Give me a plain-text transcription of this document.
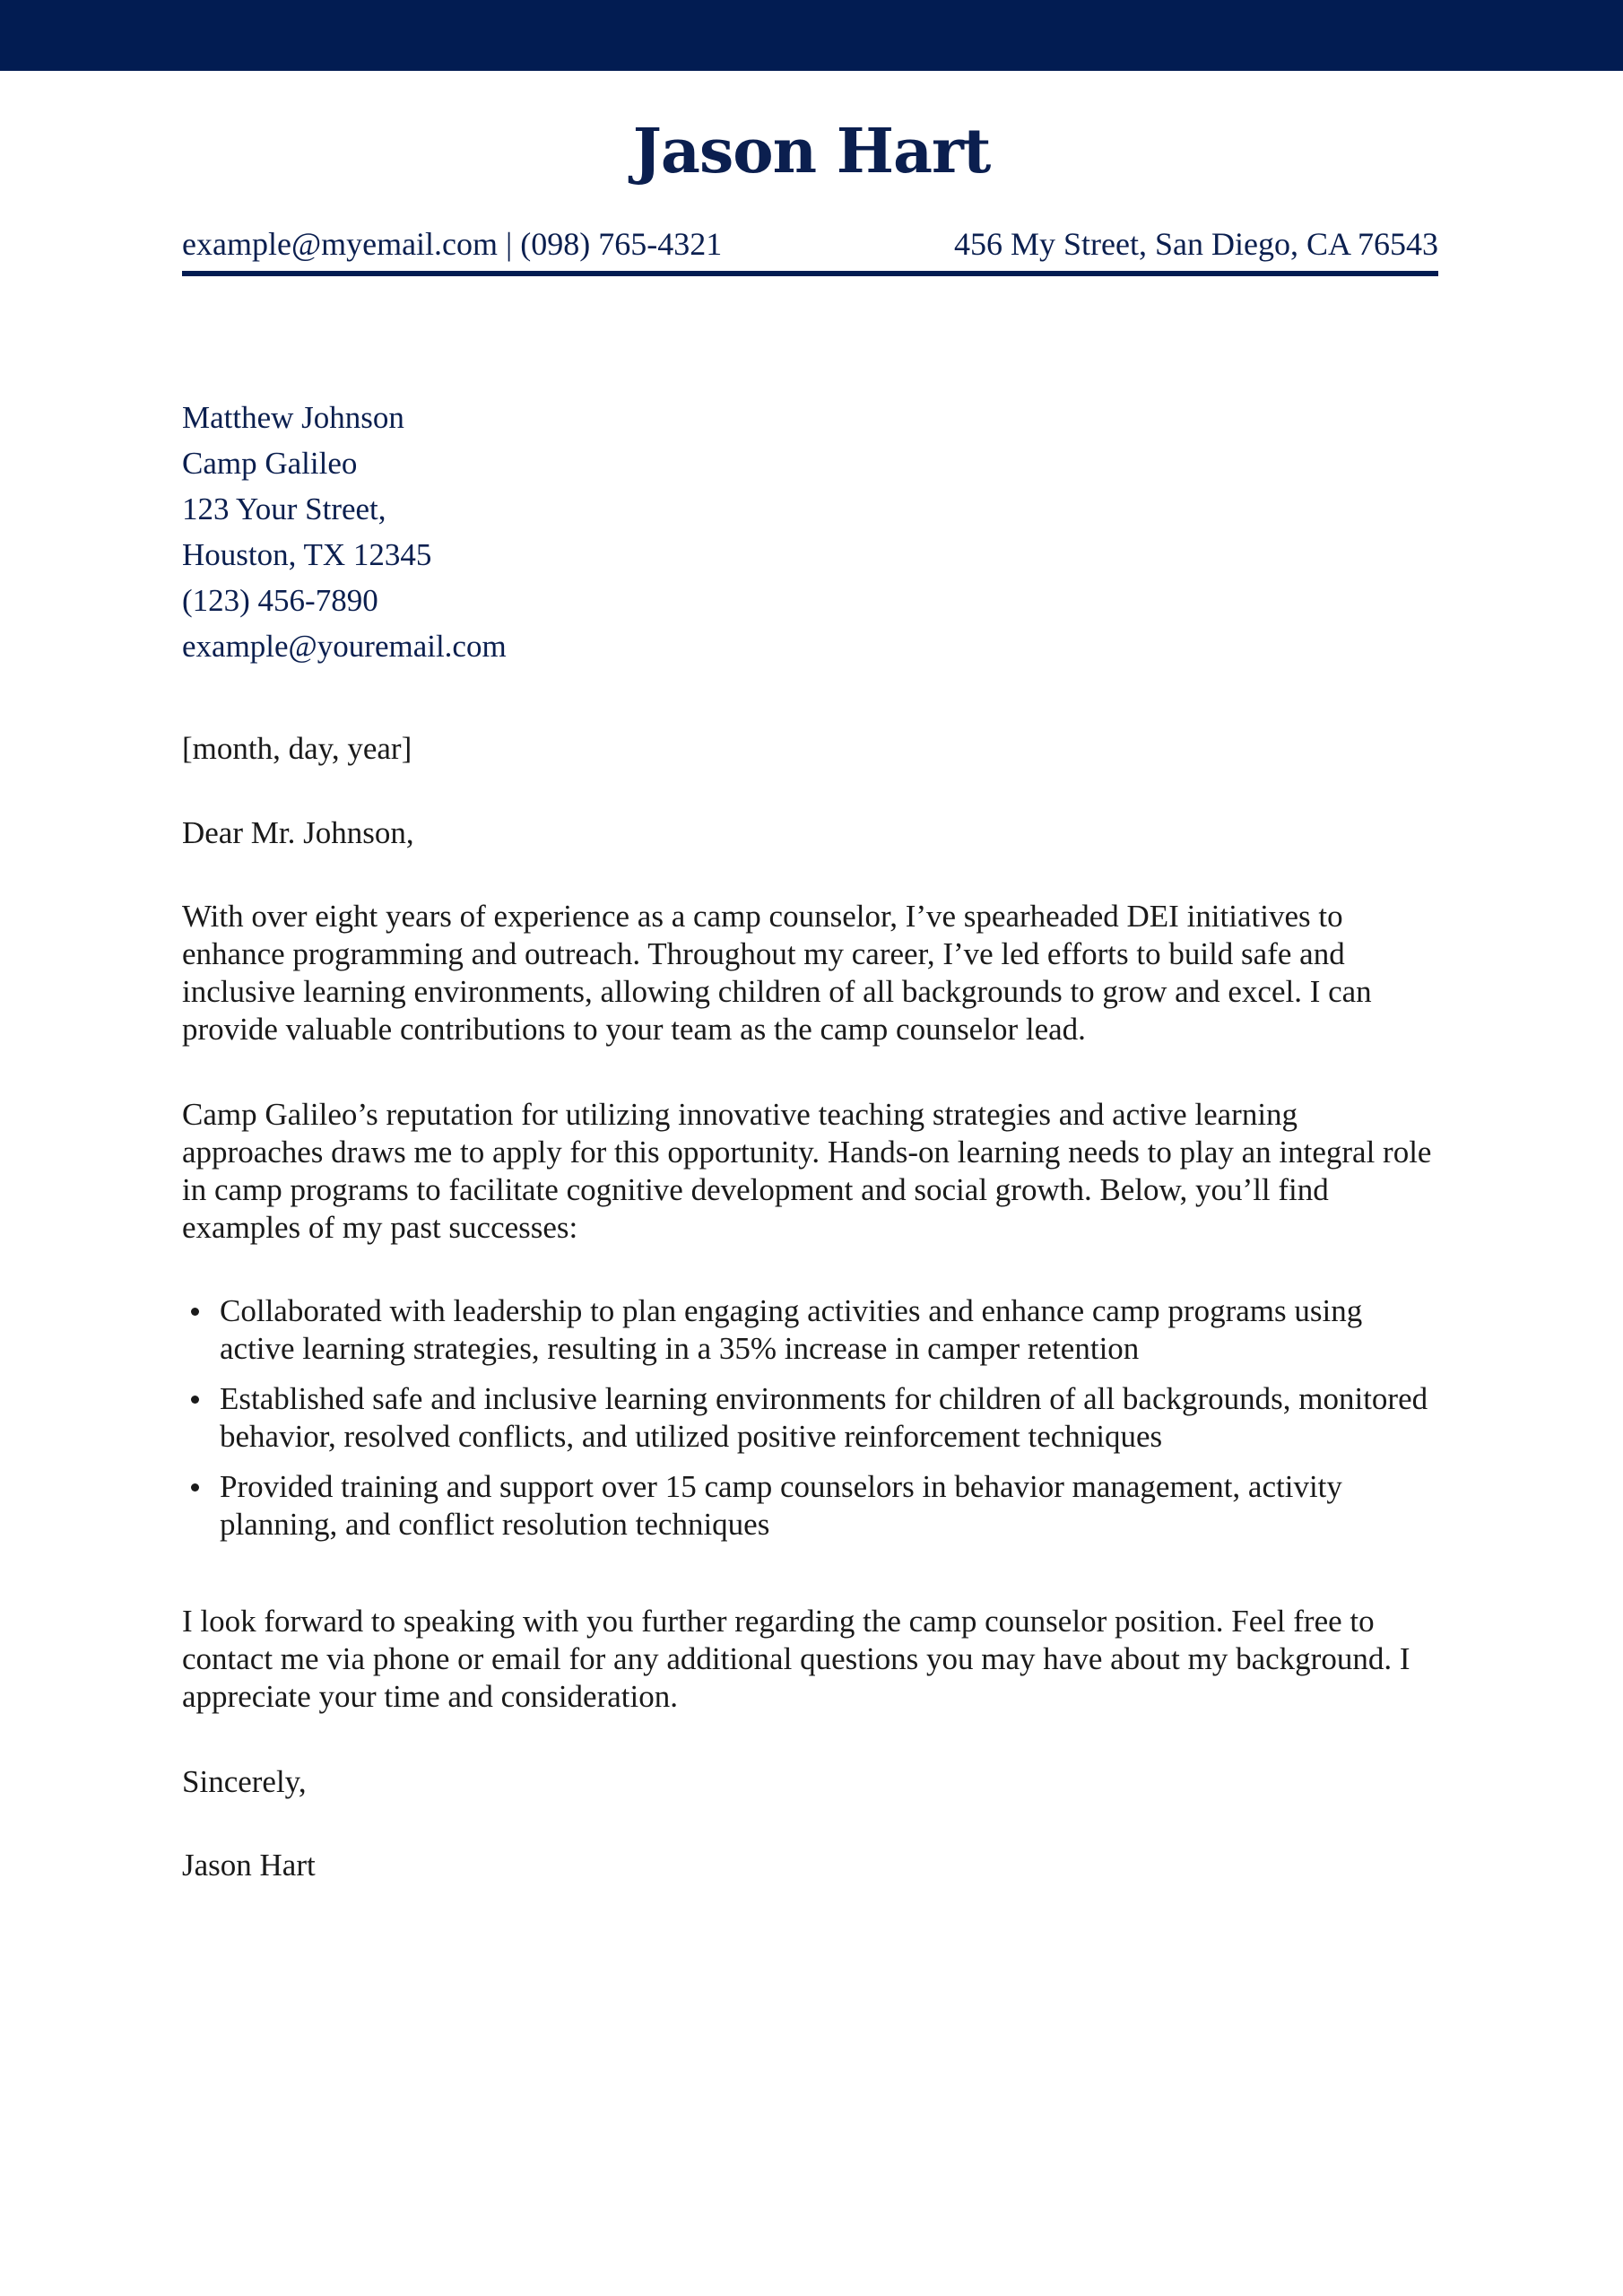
Jason Hart
example@myemail.com | (098) 765-4321	456 My Street, San Diego, CA 76543
Matthew Johnson
Camp Galileo
123 Your Street,
Houston, TX 12345
(123) 456-7890
example@youremail.com

[month, day, year]

Dear Mr. Johnson,

With over eight years of experience as a camp counselor, I’ve spearheaded DEI initiatives to enhance programming and outreach. Throughout my career, I’ve led efforts to build safe and inclusive learning environments, allowing children of all backgrounds to grow and excel. I can provide valuable contributions to your team as the camp counselor lead.

Camp Galileo’s reputation for utilizing innovative teaching strategies and active learning approaches draws me to apply for this opportunity. Hands-on learning needs to play an integral role in camp programs to facilitate cognitive development and social growth. Below, you’ll find examples of my past successes:

Collaborated with leadership to plan engaging activities and enhance camp programs using active learning strategies, resulting in a 35% increase in camper retention
Established safe and inclusive learning environments for children of all backgrounds, monitored behavior, resolved conflicts, and utilized positive reinforcement techniques
Provided training and support over 15 camp counselors in behavior management, activity planning, and conflict resolution techniques

I look forward to speaking with you further regarding the camp counselor position. Feel free to contact me via phone or email for any additional questions you may have about my background. I appreciate your time and consideration.

Sincerely,

Jason Hart
